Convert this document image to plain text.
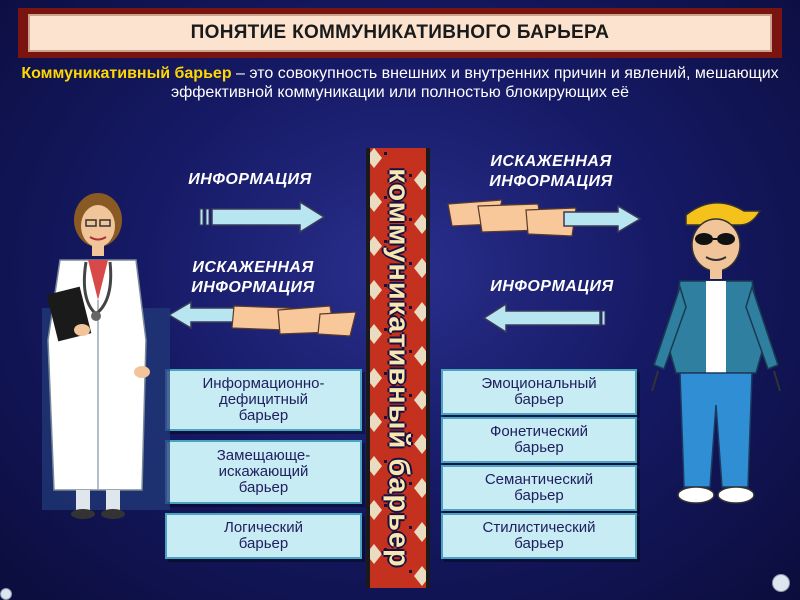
ПОНЯТИЕ КОММУНИКАТИВНОГО БАРЬЕРА
Коммуникативный барьер – это совокупность внешних и внутренних причин и явлений, мешающих эффективной коммуникации или полностью блокирующих её
ИНФОРМАЦИЯ
ИСКАЖЕННАЯ
ИНФОРМАЦИЯ
ИСКАЖЕННАЯ
ИНФОРМАЦИЯ
ИНФОРМАЦИЯ
коммуникативный барьер
Информационно-
дефицитный
барьер
Замещающе-
искажающий
барьер
Логический
барьер
Эмоциональный
барьер
Фонетический
барьер
Семантический
барьер
Стилистический
барьер
